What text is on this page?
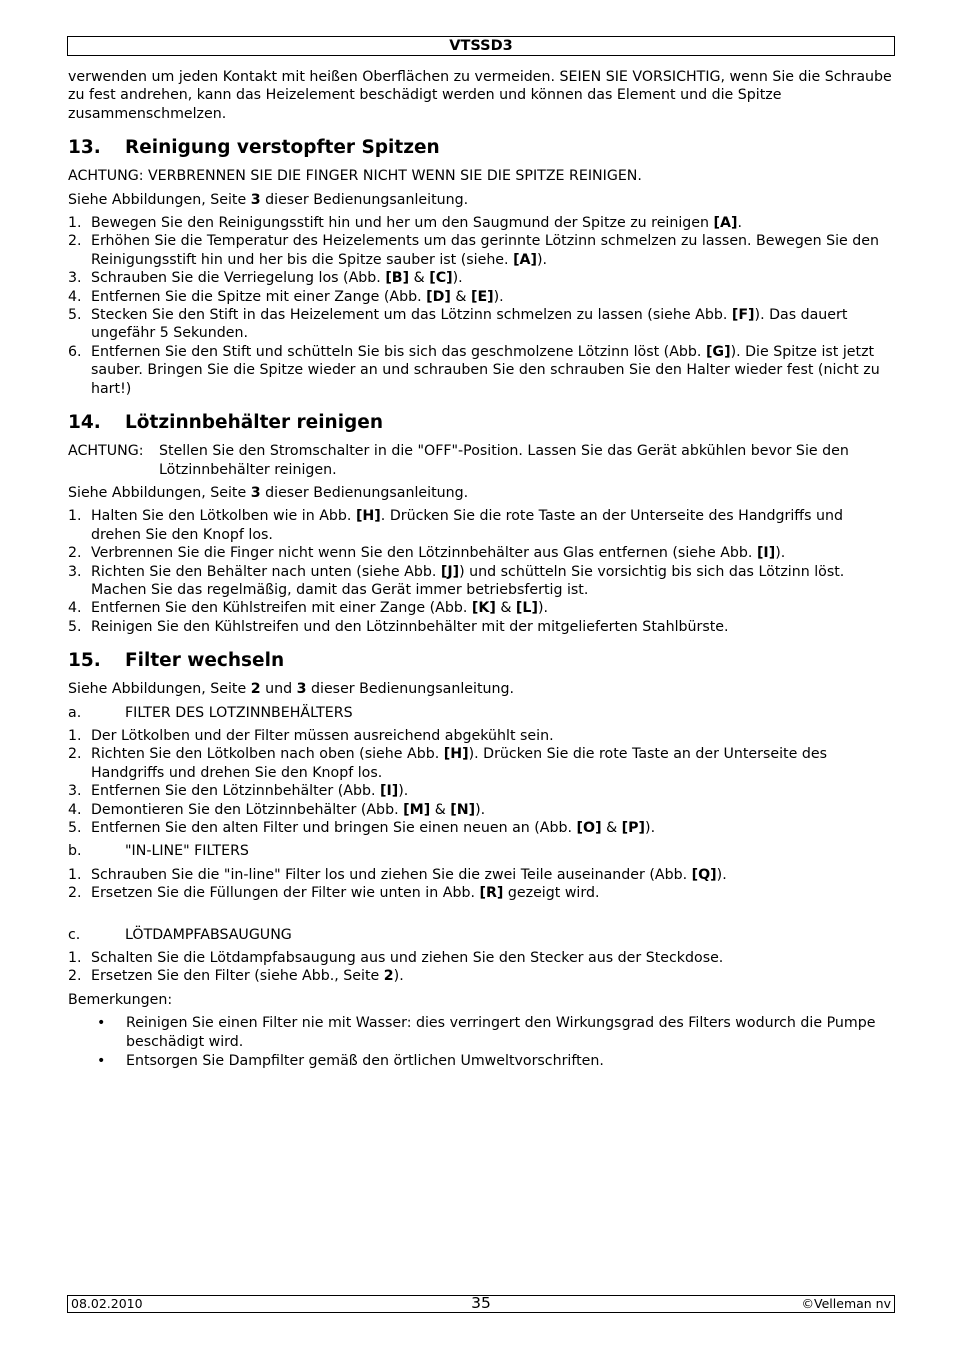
VTSSD3

verwenden um jeden Kontakt mit heißen Oberflächen zu vermeiden. SEIEN SIE VORSICHTIG, wenn Sie die Schraube zu fest andrehen, kann das Heizelement beschädigt werden und können das Element und die Spitze zusammenschmelzen.

13. Reinigung verstopfter Spitzen

ACHTUNG: VERBRENNEN SIE DIE FINGER NICHT WENN SIE DIE SPITZE REINIGEN.

Siehe Abbildungen, Seite 3 dieser Bedienungsanleitung.

1. Bewegen Sie den Reinigungsstift hin und her um den Saugmund der Spitze zu reinigen [A].
2. Erhöhen Sie die Temperatur des Heizelements um das gerinnte Lötzinn schmelzen zu lassen. Bewegen Sie den Reinigungsstift hin und her bis die Spitze sauber ist (siehe. [A]).
3. Schrauben Sie die Verriegelung los (Abb. [B] & [C]).
4. Entfernen Sie die Spitze mit einer Zange (Abb. [D] & [E]).
5. Stecken Sie den Stift in das Heizelement um das Lötzinn schmelzen zu lassen (siehe Abb. [F]). Das dauert ungefähr 5 Sekunden.
6. Entfernen Sie den Stift und schütteln Sie bis sich das geschmolzene Lötzinn löst (Abb. [G]). Die Spitze ist jetzt sauber. Bringen Sie die Spitze wieder an und schrauben Sie den schrauben Sie den Halter wieder fest (nicht zu hart!)
14. Lötzinnbehälter reinigen
ACHTUNG:	Stellen Sie den Stromschalter in die "OFF"-Position. Lassen Sie das Gerät abkühlen bevor Sie den Lötzinnbehälter reinigen.

Siehe Abbildungen, Seite 3 dieser Bedienungsanleitung.

1. Halten Sie den Lötkolben wie in Abb. [H]. Drücken Sie die rote Taste an der Unterseite des Handgriffs und drehen Sie den Knopf los.
2. Verbrennen Sie die Finger nicht wenn Sie den Lötzinnbehälter aus Glas entfernen (siehe Abb. [I]).
3. Richten Sie den Behälter nach unten (siehe Abb. [J]) und schütteln Sie vorsichtig bis sich das Lötzinn löst. Machen Sie das regelmäßig, damit das Gerät immer betriebsfertig ist.
4. Entfernen Sie den Kühlstreifen mit einer Zange (Abb. [K] & [L]).
5. Reinigen Sie den Kühlstreifen und den Lötzinnbehälter mit der mitgelieferten Stahlbürste.
15. Filter wechseln

Siehe Abbildungen, Seite 2 und 3 dieser Bedienungsanleitung.

a.	FILTER DES LOTZINNBEHÄLTERS
1. Der Lötkolben und der Filter müssen ausreichend abgekühlt sein.
2. Richten Sie den Lötkolben nach oben (siehe Abb. [H]). Drücken Sie die rote Taste an der Unterseite des Handgriffs und drehen Sie den Knopf los.
3. Entfernen Sie den Lötzinnbehälter (Abb. [I]).
4. Demontieren Sie den Lötzinnbehälter (Abb. [M] & [N]).
5. Entfernen Sie den alten Filter und bringen Sie einen neuen an (Abb. [O] & [P]).
b.	"IN-LINE" FILTERS
1. Schrauben Sie die "in-line" Filter los und ziehen Sie die zwei Teile auseinander (Abb. [Q]).
2. Ersetzen Sie die Füllungen der Filter wie unten in Abb. [R] gezeigt wird.
c.	LÖTDAMPFABSAUGUNG
1. Schalten Sie die Lötdampfabsaugung aus und ziehen Sie den Stecker aus der Steckdose.
2. Ersetzen Sie den Filter (siehe Abb., Seite 2).

Bemerkungen:

• Reinigen Sie einen Filter nie mit Wasser: dies verringert den Wirkungsgrad des Filters wodurch die Pumpe beschädigt wird.
• Entsorgen Sie Dampfilter gemäß den örtlichen Umweltvorschriften.
08.02.2010	35	©Velleman nv
